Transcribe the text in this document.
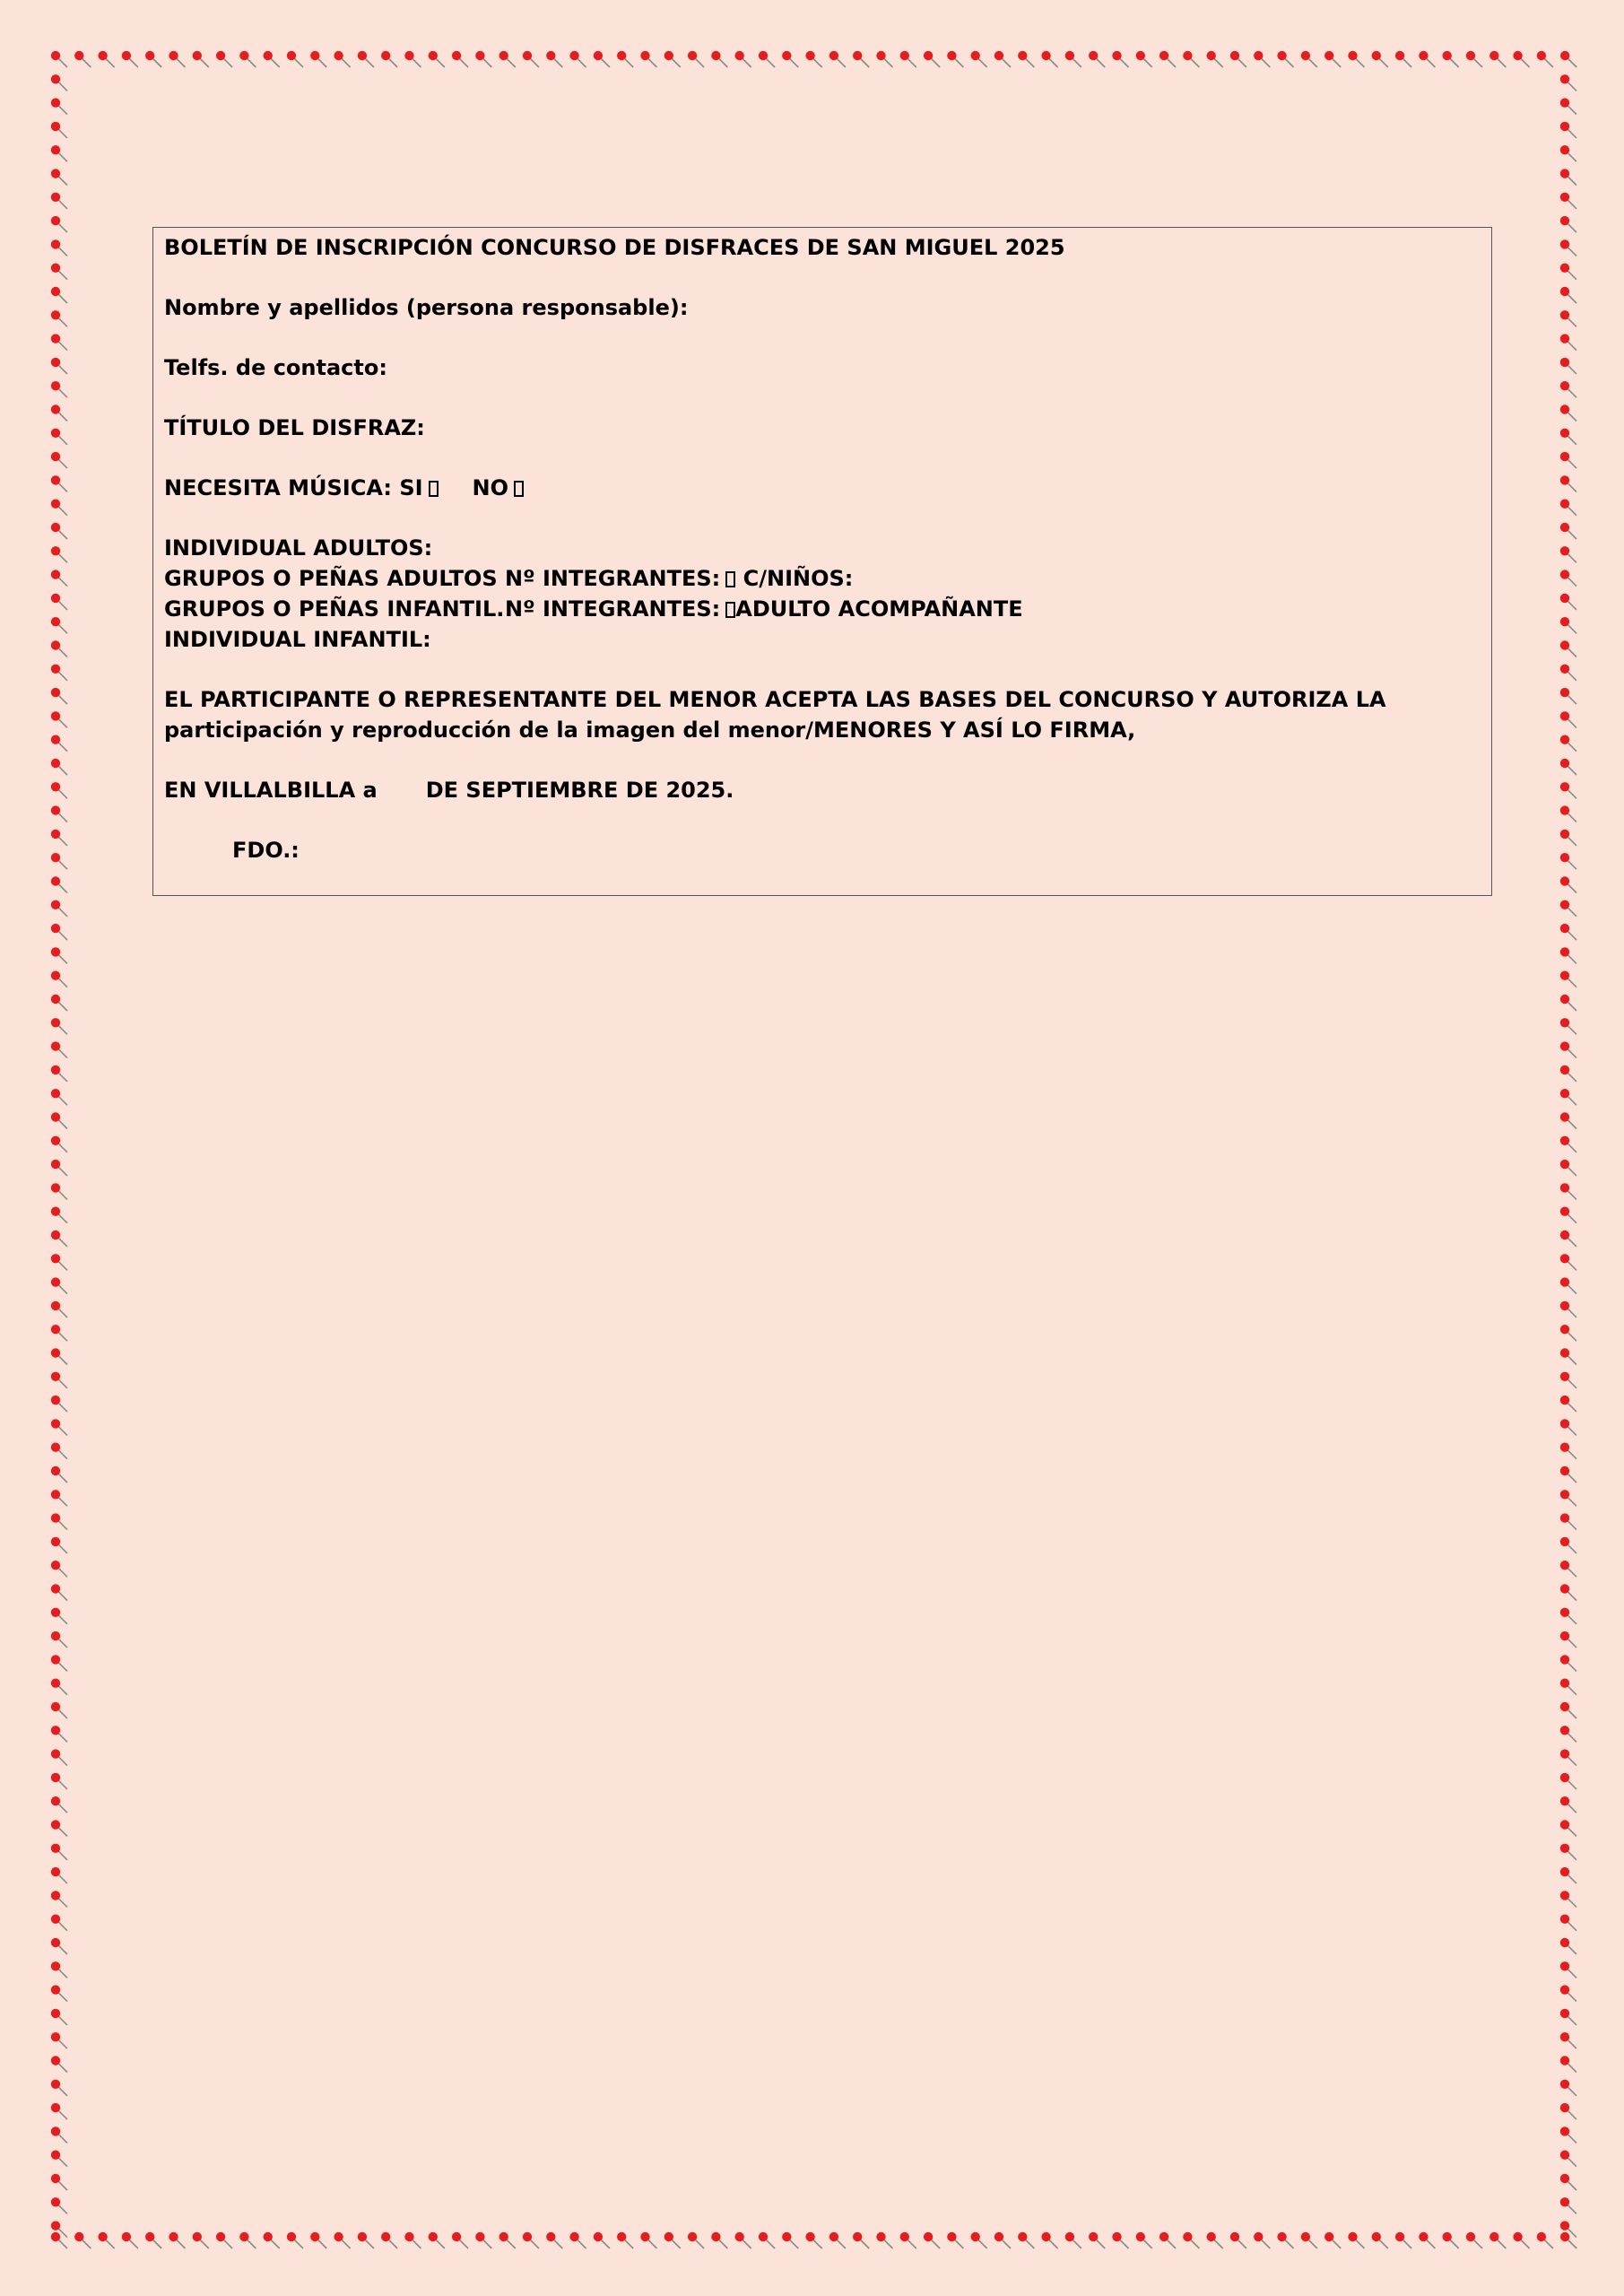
BOLETÍN DE INSCRIPCIÓN CONCURSO DE DISFRACES DE SAN MIGUEL 2025
Nombre y apellidos (persona responsable):
Telfs. de contacto:
TÍTULO DEL DISFRAZ:
NECESITA MÚSICA: SI NO
INDIVIDUAL ADULTOS:
GRUPOS O PEÑAS ADULTOS Nº INTEGRANTES: C/NIÑOS:
GRUPOS O PEÑAS INFANTIL. Nº INTEGRANTES: ADULTO ACOMPAÑANTE
INDIVIDUAL INFANTIL:
EL PARTICIPANTE O REPRESENTANTE DEL MENOR ACEPTA LAS BASES DEL CONCURSO Y AUTORIZA LA participación y reproducción de la imagen del menor/MENORES Y ASÍ LO FIRMA,
EN VILLALBILLA a DE SEPTIEMBRE DE 2025.
FDO.:
